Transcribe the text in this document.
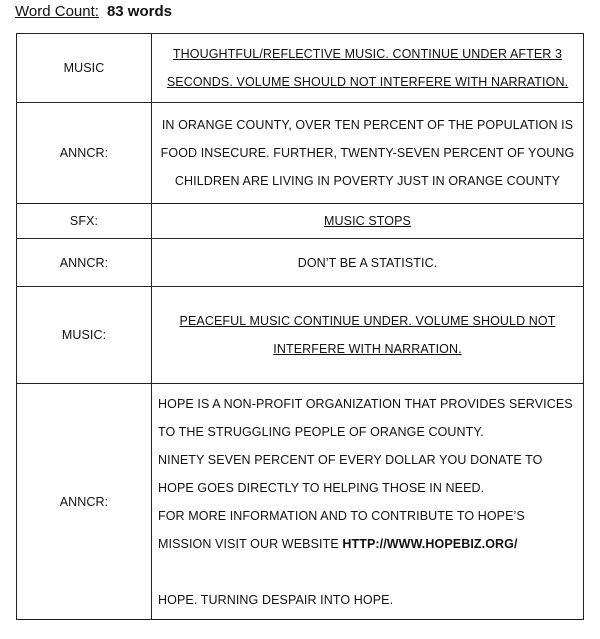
Word Count: 83 words
MUSIC	THOUGHTFUL/REFLECTIVE MUSIC. CONTINUE UNDER AFTER 3 SECONDS. VOLUME SHOULD NOT INTERFERE WITH NARRATION.
ANNCR:	IN ORANGE COUNTY, OVER TEN PERCENT OF THE POPULATION IS FOOD INSECURE. FURTHER, TWENTY-SEVEN PERCENT OF YOUNG CHILDREN ARE LIVING IN POVERTY JUST IN ORANGE COUNTY
SFX:	MUSIC STOPS
ANNCR:	DON’T BE A STATISTIC.
MUSIC:	PEACEFUL MUSIC CONTINUE UNDER. VOLUME SHOULD NOT INTERFERE WITH NARRATION.
ANNCR:	HOPE IS A NON-PROFIT ORGANIZATION THAT PROVIDES SERVICES TO THE STRUGGLING PEOPLE OF ORANGE COUNTY.
NINETY SEVEN PERCENT OF EVERY DOLLAR YOU DONATE TO HOPE GOES DIRECTLY TO HELPING THOSE IN NEED.
FOR MORE INFORMATION AND TO CONTRIBUTE TO HOPE’S MISSION VISIT OUR WEBSITE HTTP://WWW.HOPEBIZ.ORG/
HOPE. TURNING DESPAIR INTO HOPE.
